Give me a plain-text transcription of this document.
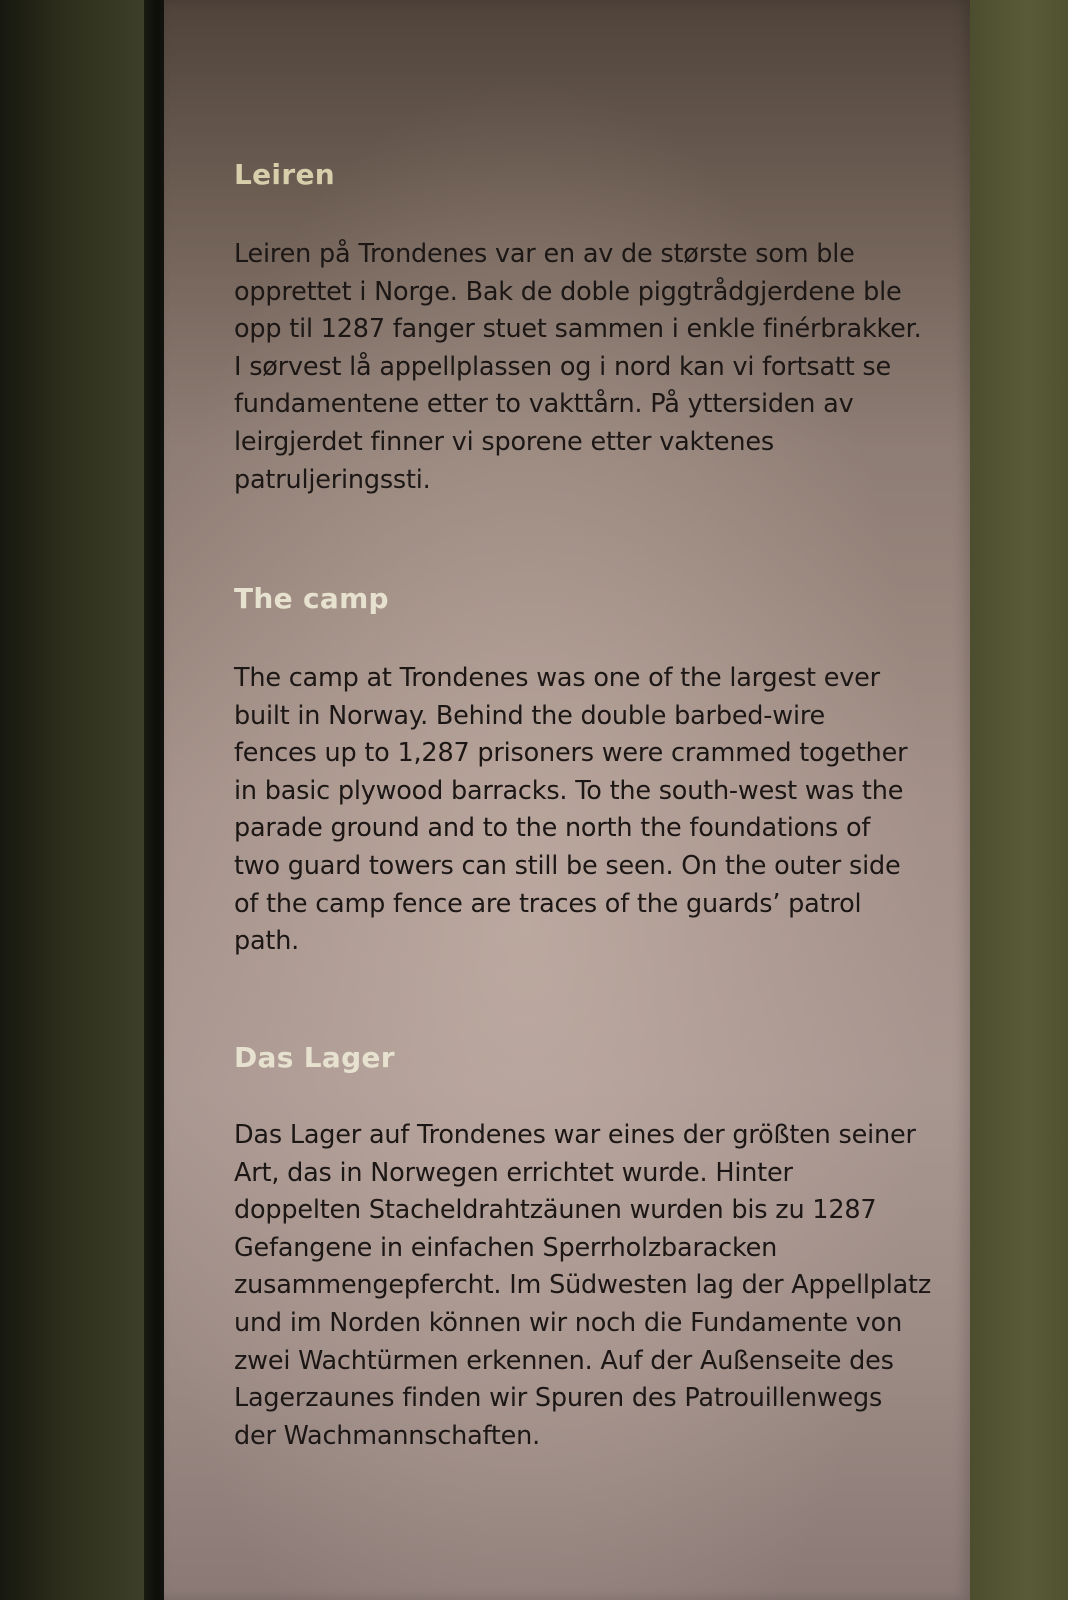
Leiren

Leiren på Trondenes var en av de største som ble
opprettet i Norge. Bak de doble piggtrådgjerdene ble
opp til 1287 fanger stuet sammen i enkle finérbrakker.
I sørvest lå appellplassen og i nord kan vi fortsatt se
fundamentene etter to vakttårn. På yttersiden av
leirgjerdet finner vi sporene etter vaktenes
patruljeringssti.

The camp

The camp at Trondenes was one of the largest ever
built in Norway. Behind the double barbed-wire
fences up to 1,287 prisoners were crammed together
in basic plywood barracks. To the south-west was the
parade ground and to the north the foundations of
two guard towers can still be seen. On the outer side
of the camp fence are traces of the guards’ patrol
path.

Das Lager

Das Lager auf Trondenes war eines der größten seiner
Art, das in Norwegen errichtet wurde. Hinter
doppelten Stacheldrahtzäunen wurden bis zu 1287
Gefangene in einfachen Sperrholzbaracken
zusammengepfercht. Im Südwesten lag der Appellplatz
und im Norden können wir noch die Fundamente von
zwei Wachtürmen erkennen. Auf der Außenseite des
Lagerzaunes finden wir Spuren des Patrouillenwegs
der Wachmannschaften.
